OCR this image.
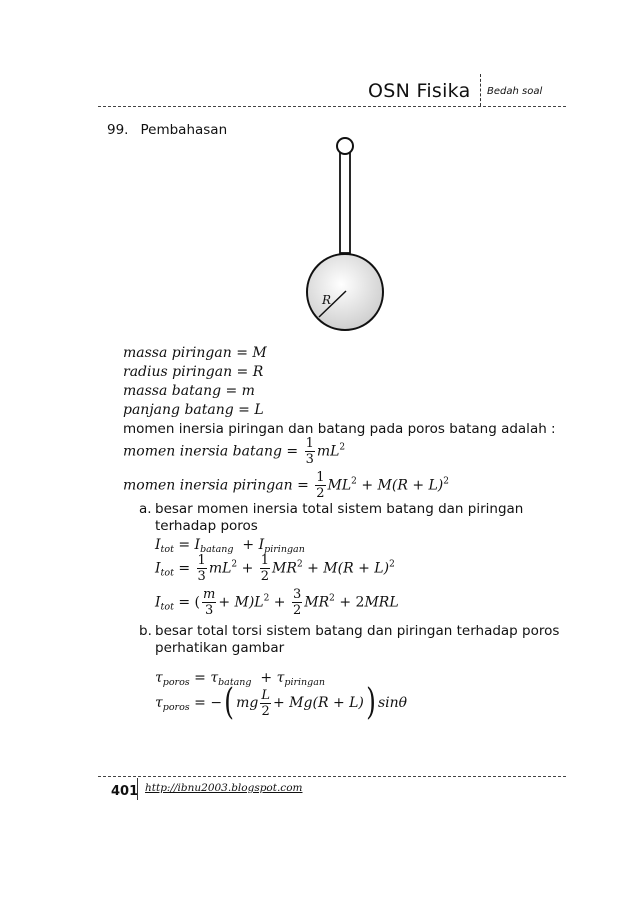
OSN Fisika Bedah soal
99. Pembahasan
R
massa piringan = M
radius piringan = R
massa batang = m
panjang batang = L
momen inersia piringan dan batang pada poros batang adalah :
momen inersia $batang = \frac{1}{3} mL^2$
momen inersia piringan = $\frac{1}{2} ML^2 + M(R + L)^2$
a. besar momen inersia total sistem batang dan piringan
terhadap poros
$I_{tot} = I_{batang} + I_{piringan}$
$I_{tot} = \frac{1}{3} mL^2 + \frac{1}{2} MR^2 + M(R + L)^2$
$I_{tot}$ = ( $\frac{m}{3} + M)L^2 + \frac{3}{2} MR^2 + 2MRL$
b. besar total torsi sistem batang dan piringan terhadap poros
perhatikan gambar
$\tau_{poros} = \tau_{batang} + \tau_{piringan}$
$\tau_{poros}$ = −( mg $\frac{L}{2} + Mg(R + L)$) sinθ
401 http://ibnu2003.blogspot.com
